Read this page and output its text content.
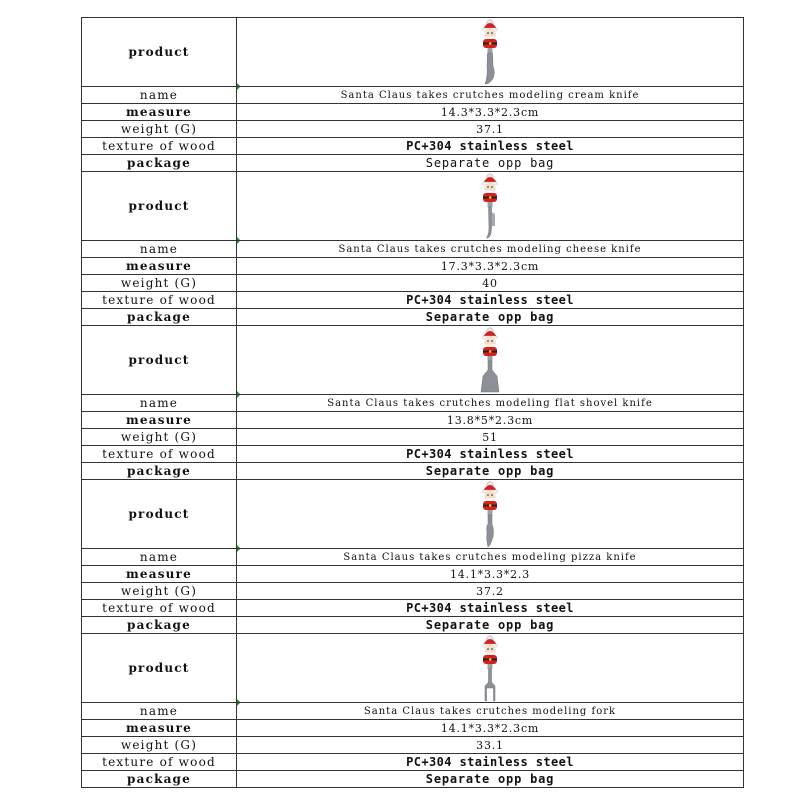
product	

name	Santa Claus takes crutches modeling cream knife
measure	14.3*3.3*2.3cm
weight (G)	37.1
texture of wood	PC+304 stainless steel
package	Separate opp bag
product	

name	Santa Claus takes crutches modeling cheese knife
measure	17.3*3.3*2.3cm
weight (G)	40
texture of wood	PC+304 stainless steel
package	Separate opp bag
product	

name	Santa Claus takes crutches modeling flat shovel knife
measure	13.8*5*2.3cm
weight (G)	51
texture of wood	PC+304 stainless steel
package	Separate opp bag
product	

name	Santa Claus takes crutches modeling pizza knife
measure	14.1*3.3*2.3
weight (G)	37.2
texture of wood	PC+304 stainless steel
package	Separate opp bag
product	

name	Santa Claus takes crutches modeling fork
measure	14.1*3.3*2.3cm
weight (G)	33.1
texture of wood	PC+304 stainless steel
package	Separate opp bag
